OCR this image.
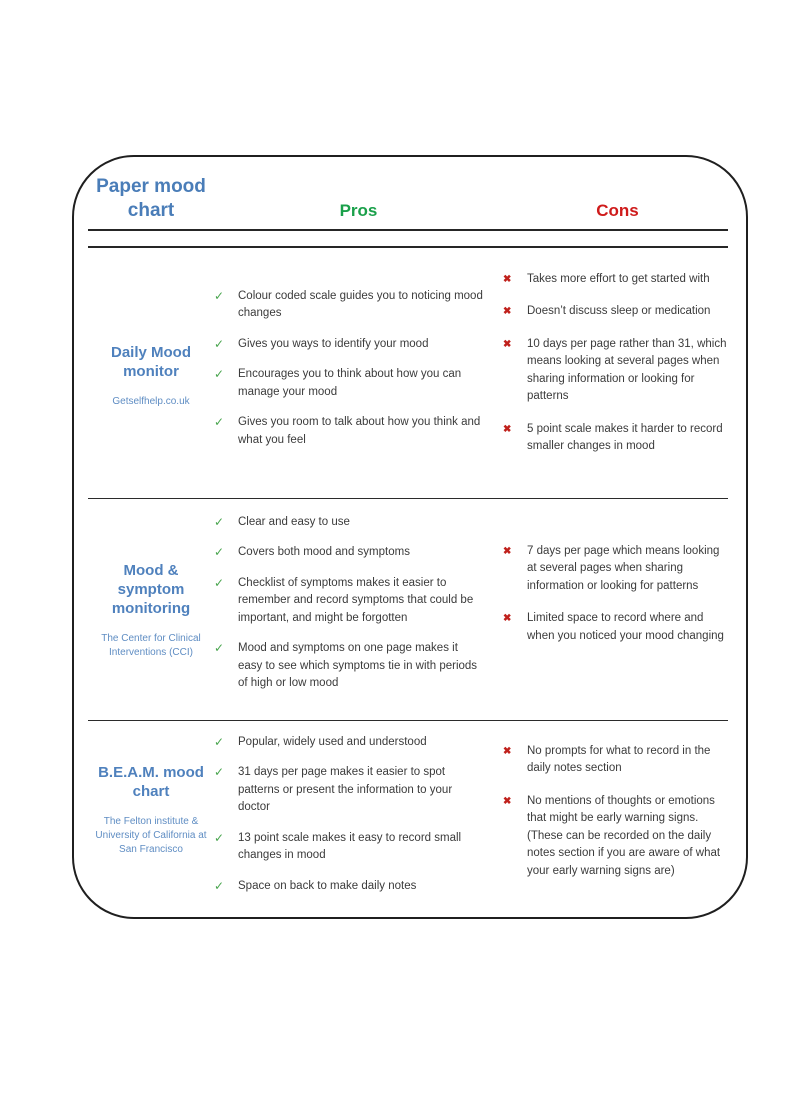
Paper mood chart	Pros	Cons
Daily Mood monitor
Getselfhelp.co.uk
✓	Colour coded scale guides you to noticing mood changes
✓	Gives you ways to identify your mood
✓	Encourages you to think about how you can manage your mood
✓	Gives you room to talk about how you think and what you feel
✖	Takes more effort to get started with
✖	Doesn’t discuss sleep or medication
✖	10 days per page rather than 31, which means looking at several pages when sharing information or looking for patterns
✖	5 point scale makes it harder to record smaller changes in mood
Mood & symptom monitoring
The Center for Clinical Interventions (CCI)
✓	Clear and easy to use
✓	Covers both mood and symptoms
✓	Checklist of symptoms makes it easier to remember and record symptoms that could be important, and might be forgotten
✓	Mood and symptoms on one page makes it easy to see which symptoms tie in with periods of high or low mood
✖	7 days per page which means looking at several pages when sharing information or looking for patterns
✖	Limited space to record where and when you noticed your mood changing
B.E.A.M. mood chart
The Felton institute & University of California at San Francisco
✓	Popular, widely used and understood
✓	31 days per page makes it easier to spot patterns or present the information to your doctor
✓	13 point scale makes it easy to record small changes in mood
✓	Space on back to make daily notes
✖	No prompts for what to record in the daily notes section
✖	No mentions of thoughts or emotions that might be early warning signs. (These can be recorded on the daily notes section if you are aware of what your early warning signs are)
